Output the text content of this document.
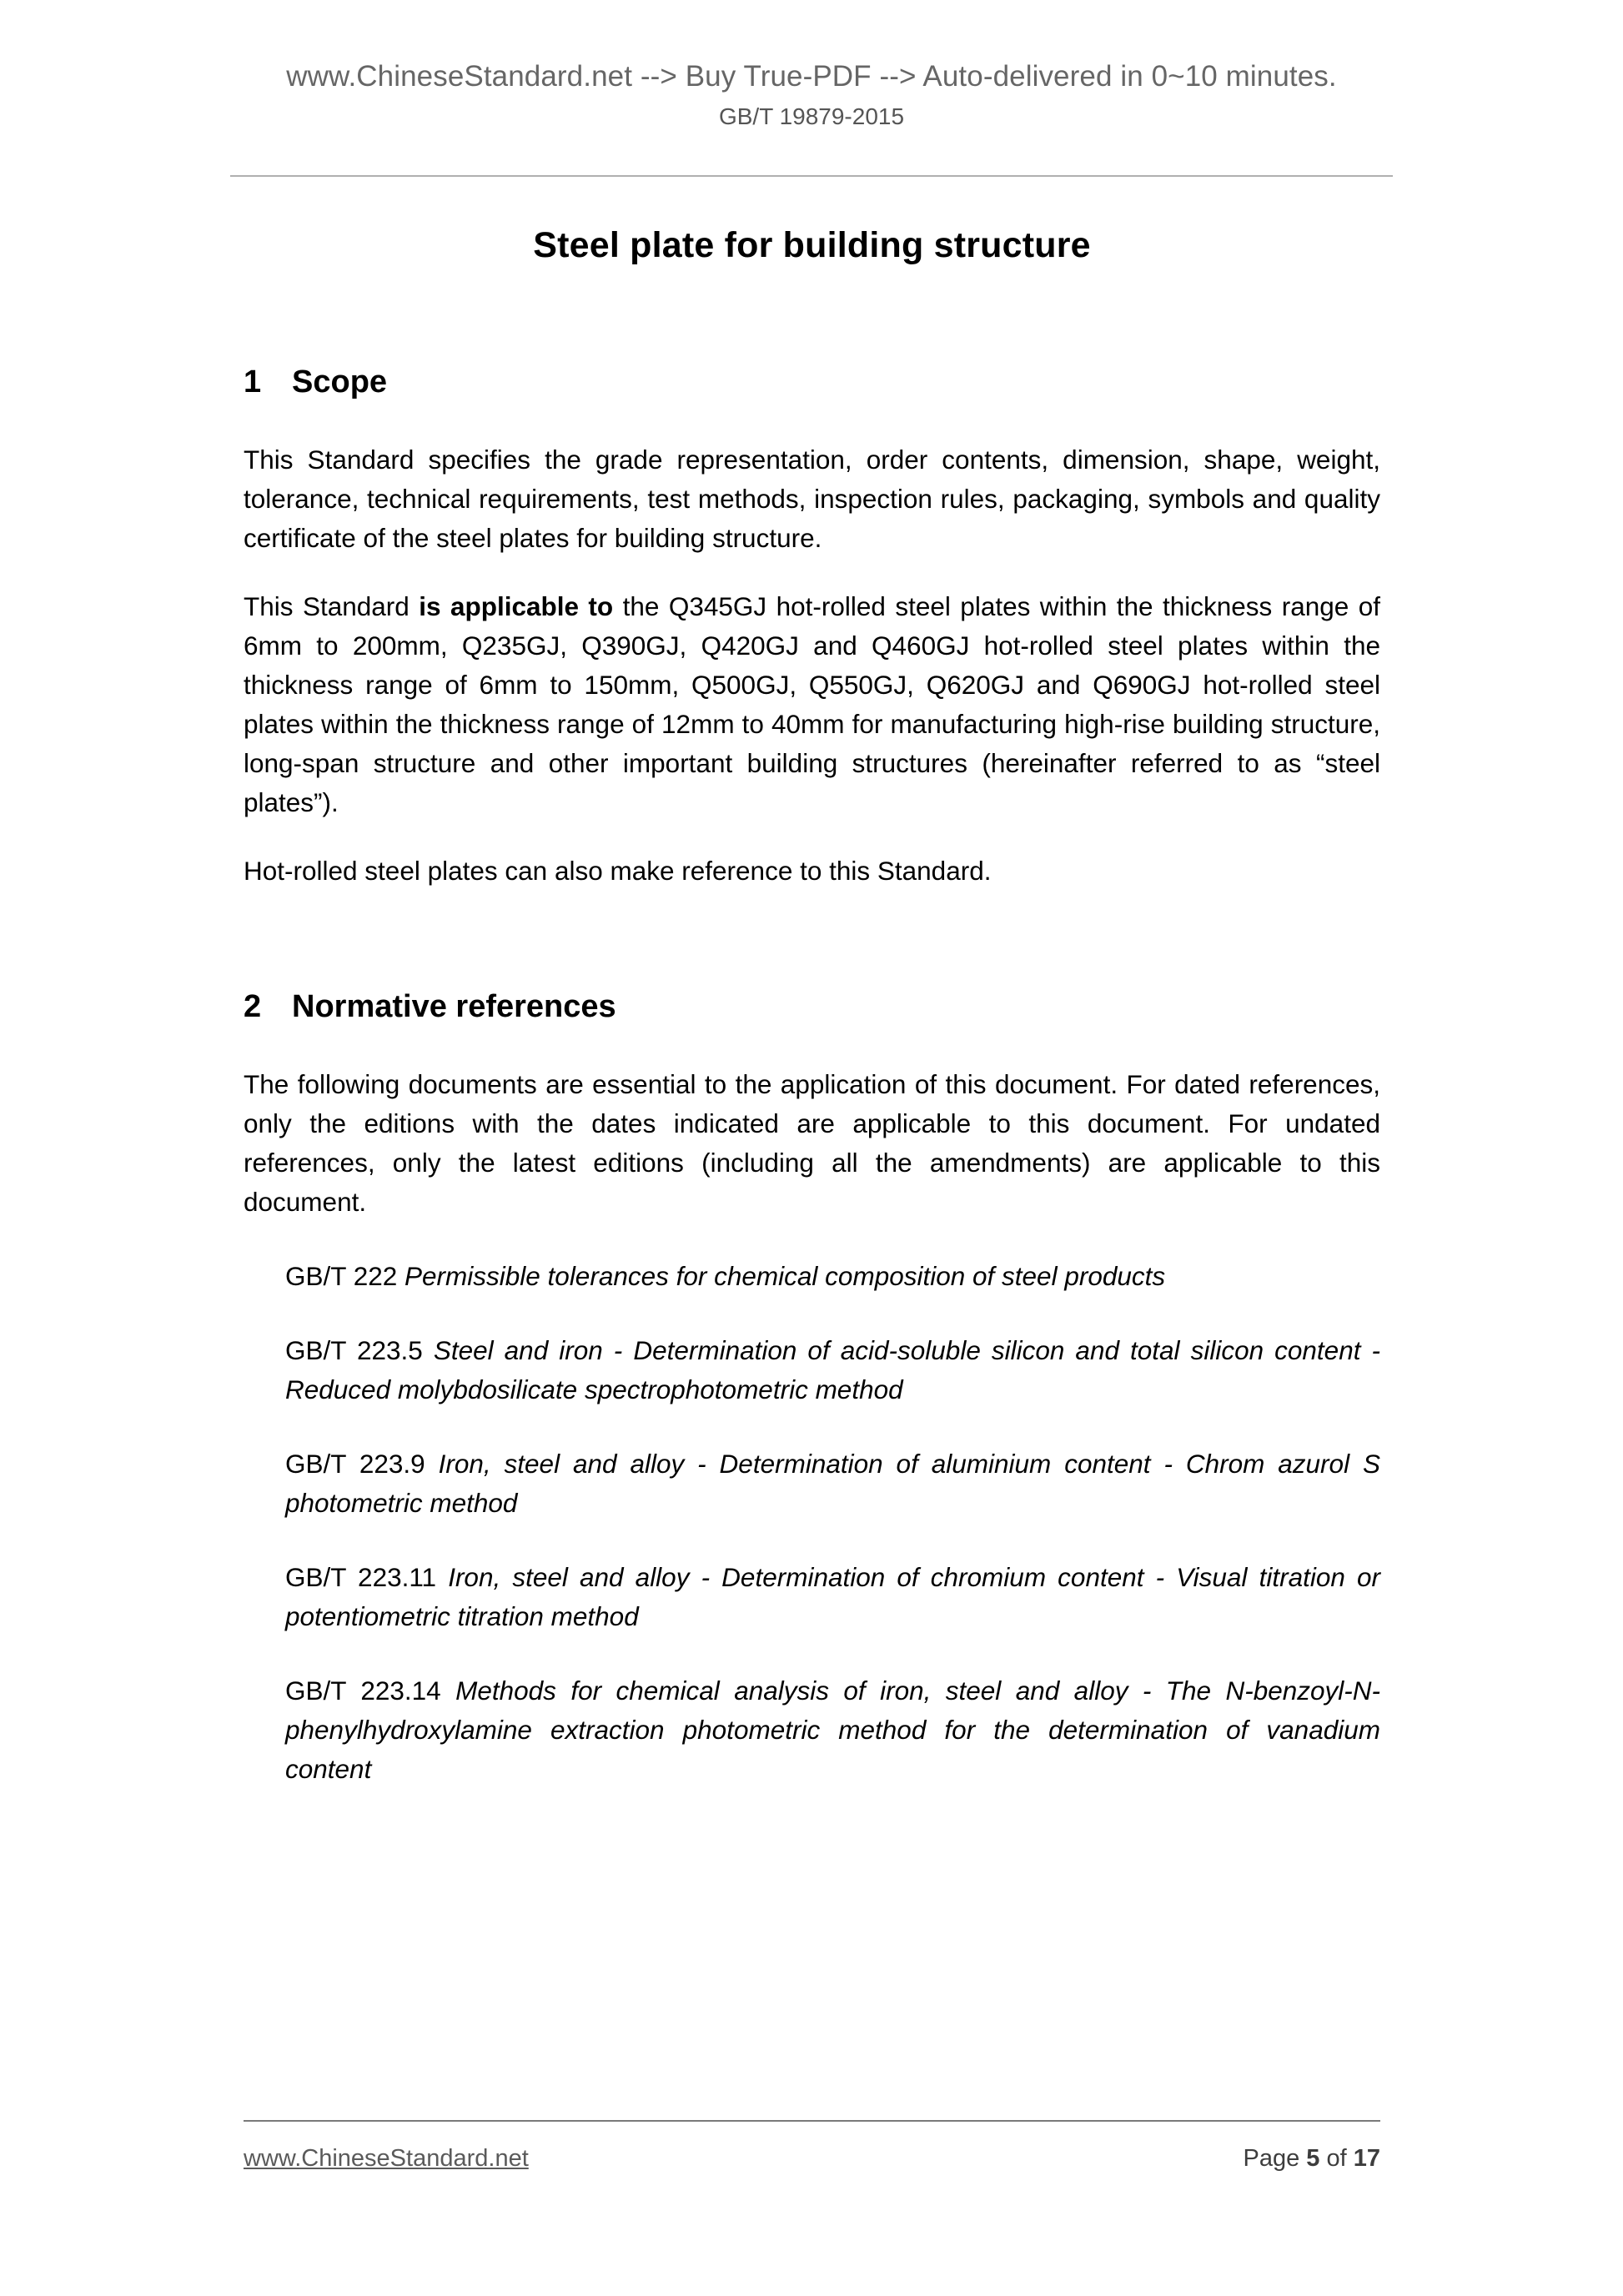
www.ChineseStandard.net --> Buy True-PDF --> Auto-delivered in 0~10 minutes.
GB/T 19879-2015
Steel plate for building structure
1 Scope

This Standard specifies the grade representation, order contents, dimension, shape, weight, tolerance, technical requirements, test methods, inspection rules, packaging, symbols and quality certificate of the steel plates for building structure.

This Standard is applicable to the Q345GJ hot-rolled steel plates within the thickness range of 6mm to 200mm, Q235GJ, Q390GJ, Q420GJ and Q460GJ hot-rolled steel plates within the thickness range of 6mm to 150mm, Q500GJ, Q550GJ, Q620GJ and Q690GJ hot-rolled steel plates within the thickness range of 12mm to 40mm for manufacturing high-rise building structure, long-span structure and other important building structures (hereinafter referred to as “steel plates”).

Hot-rolled steel plates can also make reference to this Standard.

2 Normative references

The following documents are essential to the application of this document. For dated references, only the editions with the dates indicated are applicable to this document. For undated references, only the latest editions (including all the amendments) are applicable to this document.

GB/T 222 Permissible tolerances for chemical composition of steel products

GB/T 223.5 Steel and iron - Determination of acid-soluble silicon and total silicon content - Reduced molybdosilicate spectrophotometric method

GB/T 223.9 Iron, steel and alloy - Determination of aluminium content - Chrom azurol S photometric method

GB/T 223.11 Iron, steel and alloy - Determination of chromium content - Visual titration or potentiometric titration method

GB/T 223.14 Methods for chemical analysis of iron, steel and alloy - The N-benzoyl-N-phenylhydroxylamine extraction photometric method for the determination of vanadium content

www.ChineseStandard.net	Page 5 of 17
